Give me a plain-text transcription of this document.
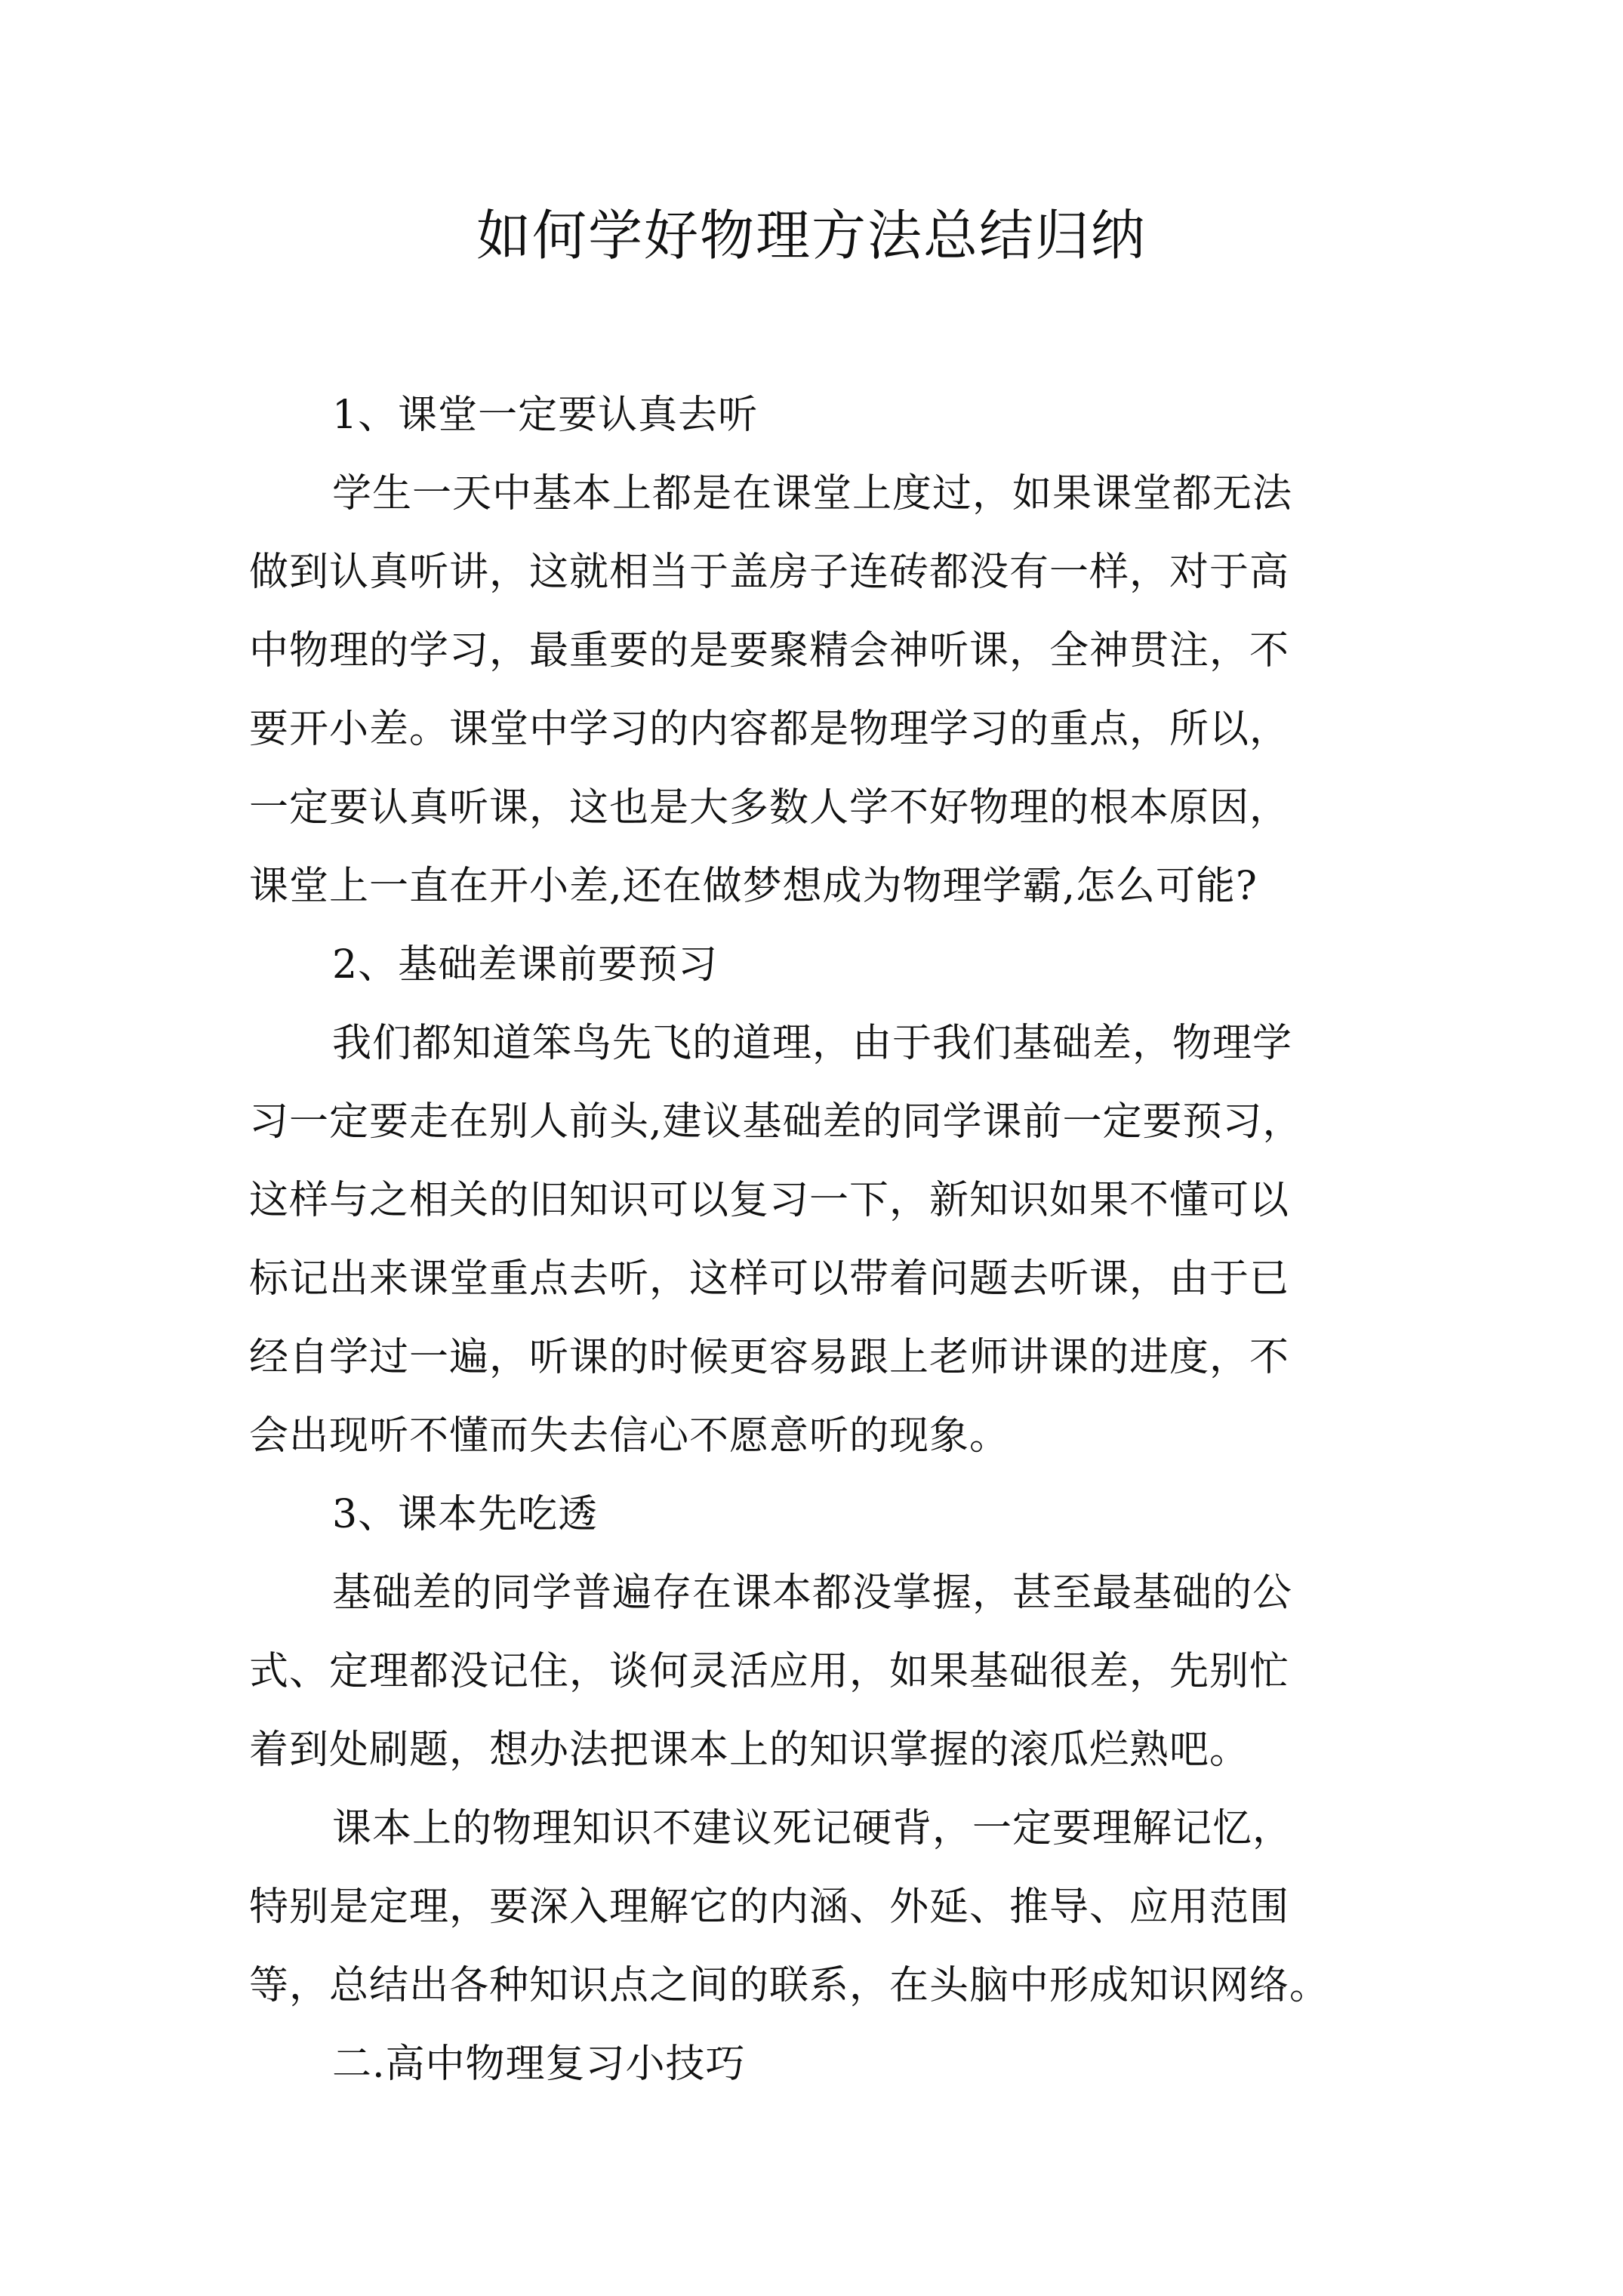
如何学好物理方法总结归纳

1、课堂一定要认真去听

学生一天中基本上都是在课堂上度过，如果课堂都无法

做到认真听讲，这就相当于盖房子连砖都没有一样，对于高

中物理的学习，最重要的是要聚精会神听课，全神贯注，不

要开小差。课堂中学习的内容都是物理学习的重点，所以，

一定要认真听课，这也是大多数人学不好物理的根本原因，

课堂上一直在开小差,还在做梦想成为物理学霸,怎么可能?

2、基础差课前要预习

我们都知道笨鸟先飞的道理，由于我们基础差，物理学

习一定要走在别人前头,建议基础差的同学课前一定要预习，

这样与之相关的旧知识可以复习一下，新知识如果不懂可以

标记出来课堂重点去听，这样可以带着问题去听课，由于已

经自学过一遍，听课的时候更容易跟上老师讲课的进度，不

会出现听不懂而失去信心不愿意听的现象。

3、课本先吃透

基础差的同学普遍存在课本都没掌握，甚至最基础的公

式、定理都没记住，谈何灵活应用，如果基础很差，先别忙

着到处刷题，想办法把课本上的知识掌握的滚瓜烂熟吧。

课本上的物理知识不建议死记硬背，一定要理解记忆，

特别是定理，要深入理解它的内涵、外延、推导、应用范围

等，总结出各种知识点之间的联系，在头脑中形成知识网络。

二.高中物理复习小技巧
